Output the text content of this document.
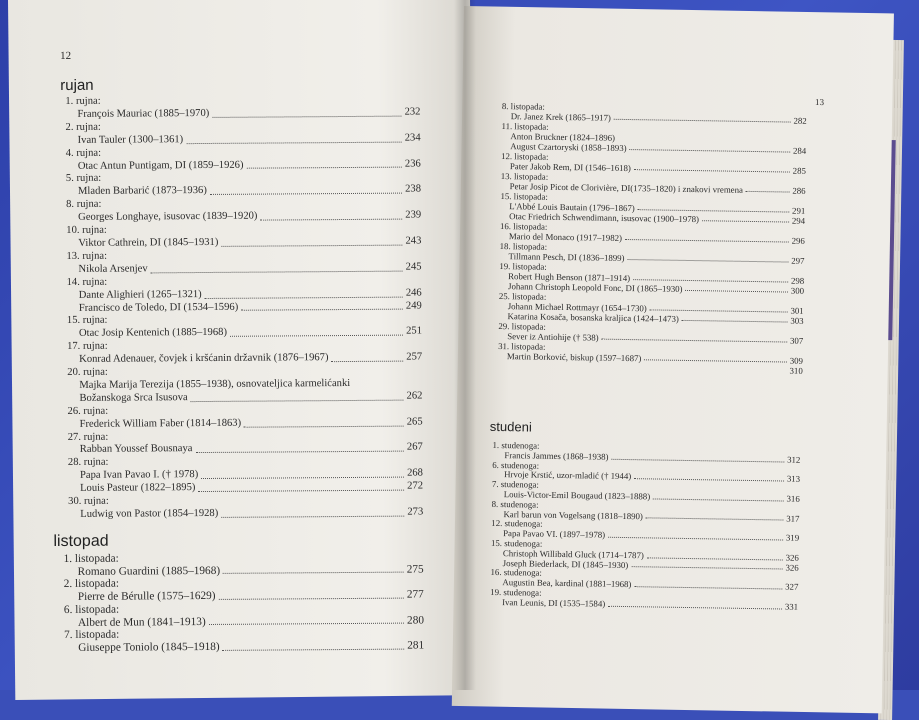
12
rujan
1. rujna:
François Mauriac (1885–1970)	232
2. rujna:
Ivan Tauler (1300–1361)	234
4. rujna:
Otac Antun Puntigam, DI (1859–1926)	236
5. rujna:
Mladen Barbarić (1873–1936)	238
8. rujna:
Georges Longhaye, isusovac (1839–1920)	239
10. rujna:
Viktor Cathrein, DI (1845–1931)	243
13. rujna:
Nikola Arsenjev	245
14. rujna:
Dante Alighieri (1265–1321)	246
Francisco de Toledo, DI (1534–1596)	249
15. rujna:
Otac Josip Kentenich (1885–1968)	251
17. rujna:
Konrad Adenauer, čovjek i kršćanin državnik (1876–1967)	257
20. rujna:
Majka Marija Terezija (1855–1938), osnovateljica karmelićanki
Božanskoga Srca Isusova	262
26. rujna:
Frederick William Faber (1814–1863)	265
27. rujna:
Rabban Youssef Bousnaya	267
28. rujna:
Papa Ivan Pavao I. († 1978)	268
Louis Pasteur (1822–1895)	272
30. rujna:
Ludwig von Pastor (1854–1928)	273
listopad
1. listopada:
Romano Guardini (1885–1968)	275
2. listopada:
Pierre de Bérulle (1575–1629)	277
6. listopada:
Albert de Mun (1841–1913)	280
7. listopada:
Giuseppe Toniolo (1845–1918)	281
13
8. listopada:
Dr. Janez Krek (1865–1917)	282
11. listopada:
Anton Bruckner (1824–1896)
August Czartoryski (1858–1893)	284
12. listopada:
Pater Jakob Rem, DI (1546–1618)	285
13. listopada:
Petar Josip Picot de Clorivière, DI(1735–1820) i znakovi vremena	286
15. listopada:
L'Abbé Louis Bautain (1796–1867)	291
Otac Friedrich Schwendimann, isusovac (1900–1978)	294
16. listopada:
Mario del Monaco (1917–1982)	296
18. listopada:
Tillmann Pesch, DI (1836–1899)	297
19. listopada:
Robert Hugh Benson (1871–1914)	298
Johann Christoph Leopold Fonc, DI (1865–1930)	300
25. listopada:
Johann Michael Rottmayr (1654–1730)	301
Katarina Kosača, bosanska kraljica (1424–1473)	303
29. listopada:
Sever iz Antiohije († 538)	307
31. listopada:
Martin Borković, biskup (1597–1687)	309
310
studeni
1. studenoga:
Francis Jammes (1868–1938)	312
6. studenoga:
Hrvoje Krstić, uzor-mladić († 1944)	313
7. studenoga:
Louis-Victor-Emil Bougaud (1823–1888)	316
8. studenoga:
Karl barun von Vogelsang (1818–1890)	317
12. studenoga:
Papa Pavao VI. (1897–1978)	319
15. studenoga:
Christoph Willibald Gluck (1714–1787)	326
Joseph Biederlack, DI (1845–1930)	326
16. studenoga:
Augustin Bea, kardinal (1881–1968)	327
19. studenoga:
Ivan Leunis, DI (1535–1584)	331
